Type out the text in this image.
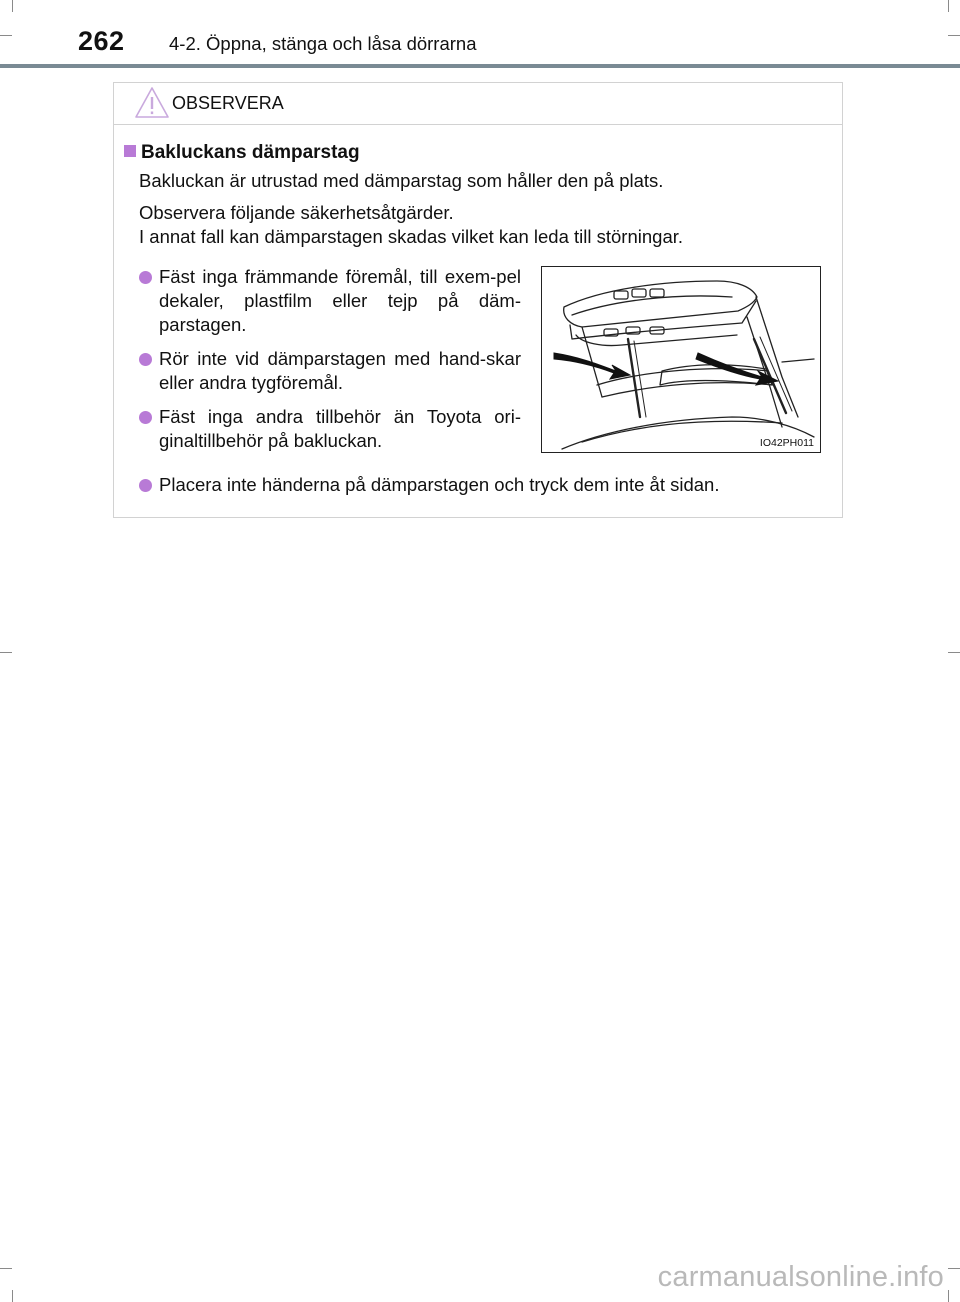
262 4-2. Öppna, stänga och låsa dörrarna
OBSERVERA
Bakluckans dämparstag
Bakluckan är utrustad med dämparstag som håller den på plats.
Observera följande säkerhetsåtgärder.
I annat fall kan dämparstagen skadas vilket kan leda till störningar.
Fäst inga främmande föremål, till exem-pel dekaler, plastfilm eller tejp på däm-parstagen.
Rör inte vid dämparstagen med hand-skar eller andra tygföremål.
Fäst inga andra tillbehör än Toyota ori-ginaltillbehör på bakluckan.	IO42PH011
Placera inte händerna på dämparstagen och tryck dem inte åt sidan.
carmanualsonline.info
